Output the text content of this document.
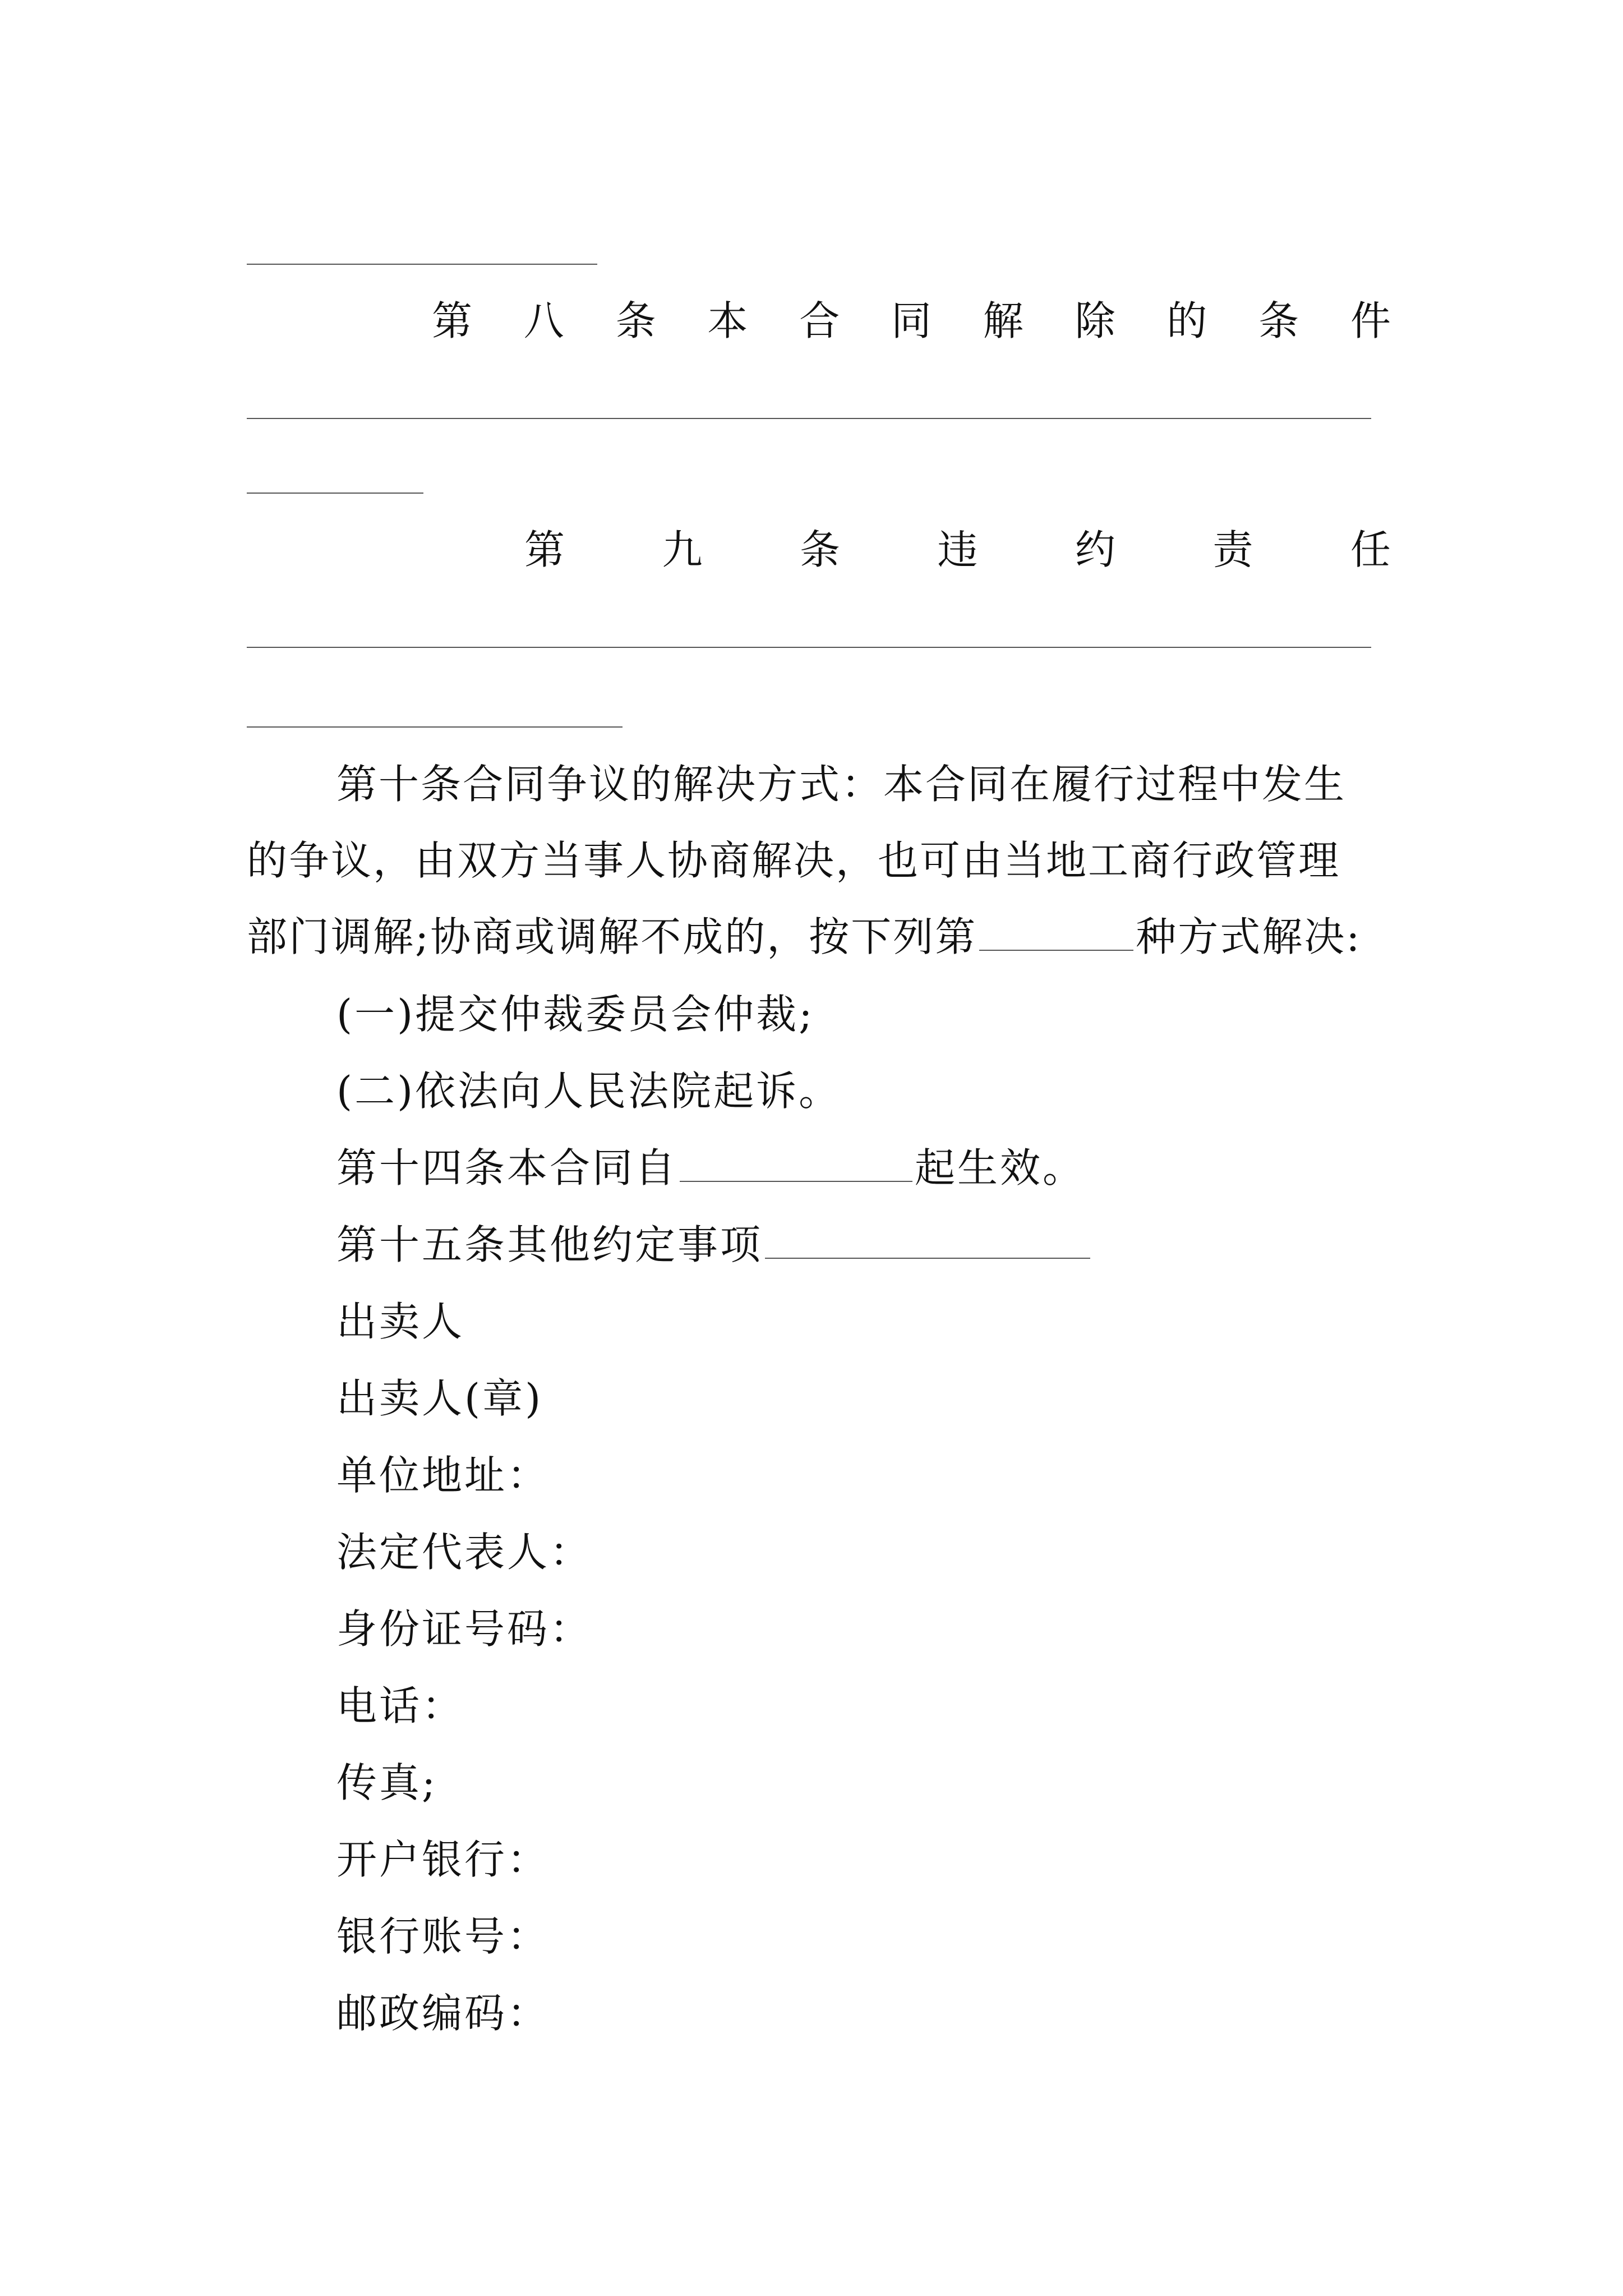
第 八 条 本 合 同 解 除 的 条 件
第 九 条 违 约 责 任
第十条合同争议的解决方式：本合同在履行过程中发生
的争议，由双方当事人协商解决，也可由当地工商行政管理
部门调解;协商或调解不成的，按下列第	种方式解决:
(一)提交仲裁委员会仲裁;
(二)依法向人民法院起诉。
第十四条本合同自	起生效。
第十五条其他约定事项
出卖人
出卖人(章)
单位地址：
法定代表人：
身份证号码：
电话：
传真;
开户银行：
银行账号：
邮政编码：
